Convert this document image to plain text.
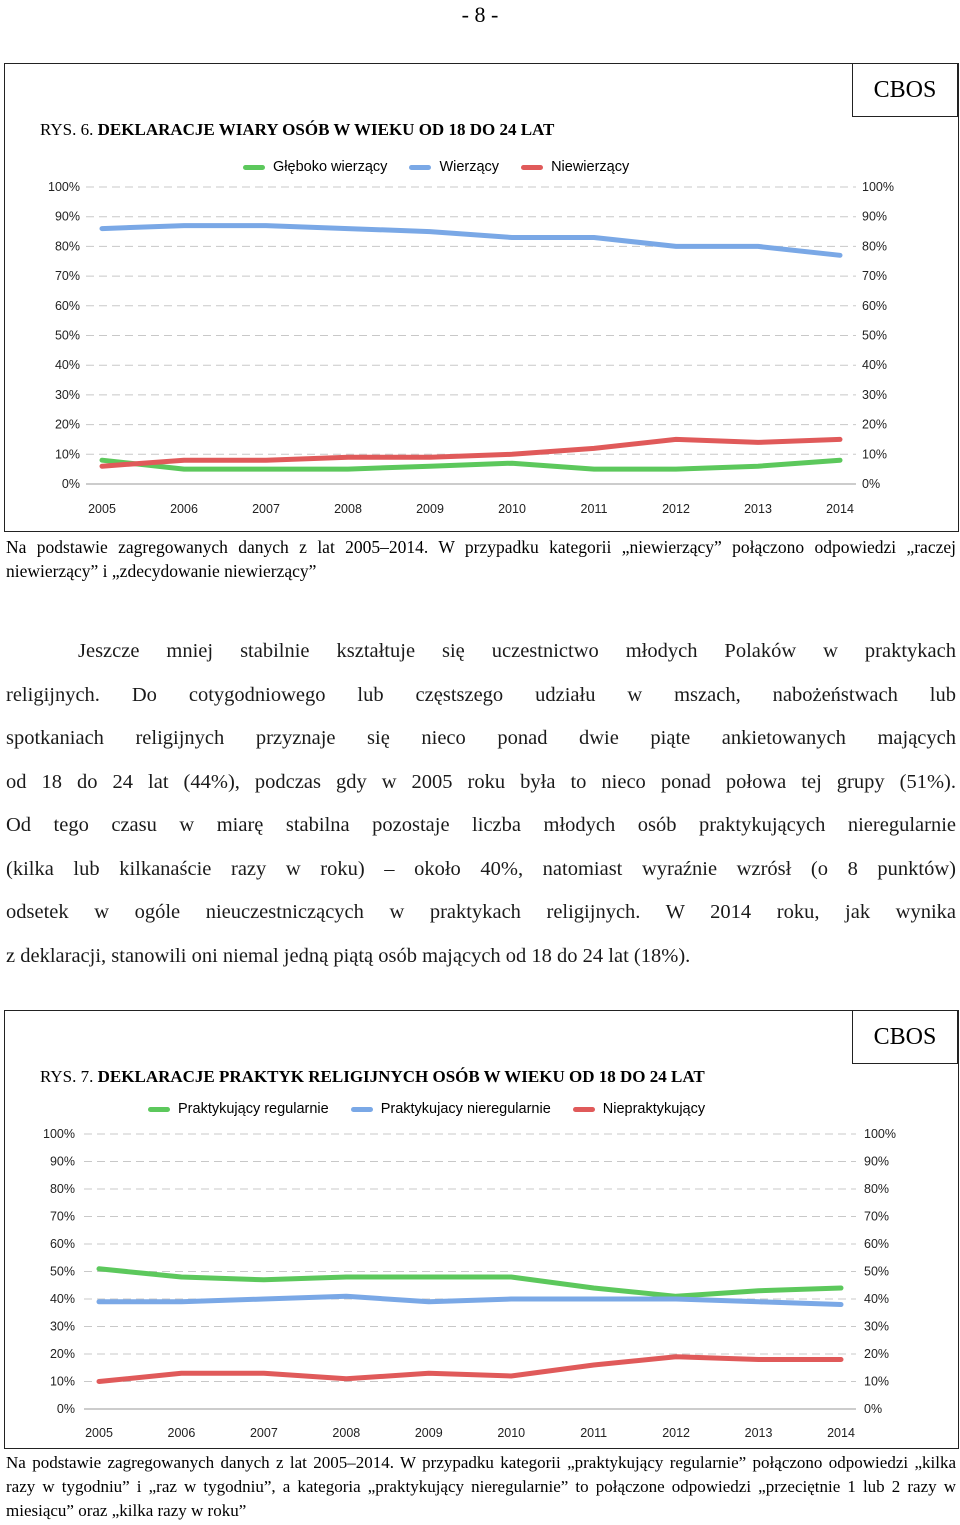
- 8 -
CBOS
RYS. 6. DEKLARACJE WIARY OSÓB W WIEKU OD 18 DO 24 LAT
Głęboko wierzący	Wierzący	Niewierzący
0%	0%
10%	10%
20%	20%
30%	30%
40%	40%
50%	50%
60%	60%
70%	70%
80%	80%
90%	90%
100%	100%
2005	2006	2007	2008	2009	2010	2011	2012	2013	2014
Na podstawie zagregowanych danych z lat 2005–2014. W przypadku kategorii „niewierzący” połączono odpowiedzi „raczej niewierzący” i „zdecydowanie niewierzący”
Jeszcze mniej stabilnie kształtuje się uczestnictwo młodych Polaków w praktykach
religijnych. Do cotygodniowego lub częstszego udziału w mszach, nabożeństwach lub
spotkaniach religijnych przyznaje się nieco ponad dwie piąte ankietowanych mających
od 18 do 24 lat (44%), podczas gdy w 2005 roku była to nieco ponad połowa tej grupy (51%).
Od tego czasu w miarę stabilna pozostaje liczba młodych osób praktykujących nieregularnie
(kilka lub kilkanaście razy w roku) – około 40%, natomiast wyraźnie wzrósł (o 8 punktów)
odsetek w ogóle nieuczestniczących w praktykach religijnych. W 2014 roku, jak wynika
z deklaracji, stanowili oni niemal jedną piątą osób mających od 18 do 24 lat (18%).
CBOS
RYS. 7. DEKLARACJE PRAKTYK RELIGIJNYCH OSÓB W WIEKU OD 18 DO 24 LAT
Praktykujący regularnie	Praktykujacy nieregularnie	Niepraktykujący
0%	0%
10%	10%
20%	20%
30%	30%
40%	40%
50%	50%
60%	60%
70%	70%
80%	80%
90%	90%
100%	100%
2005	2006	2007	2008	2009	2010	2011	2012	2013	2014
Na podstawie zagregowanych danych z lat 2005–2014. W przypadku kategorii „praktykujący regularnie” połączono odpowiedzi „kilka razy w tygodniu” i „raz w tygodniu”, a kategoria „praktykujący nieregularnie” to połączone odpowiedzi „przeciętnie 1 lub 2 razy w miesiącu” oraz „kilka razy w roku”
